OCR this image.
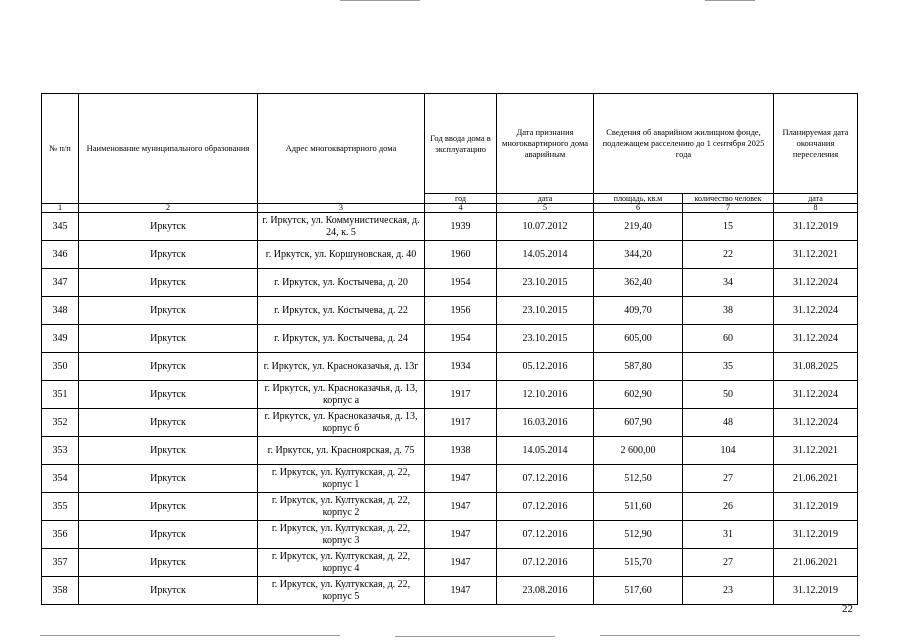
№ п/п	Наименование муниципального образования	Адрес многоквартирного дома	Год ввода дома в эксплуатацию	Дата признания многоквартирного дома аварийным	Сведения об аварийном жилищном фонде, подлежащем расселению до 1 сентября 2025 года		Планируемая дата окончания переселения
			год	дата	площадь, кв.м	количество человек	дата
1	2	3	4	5	6	7	8
345	Иркутск	г. Иркутск, ул. Коммунистическая, д. 24, к. 5	1939	10.07.2012	219,40	15	31.12.2019
346	Иркутск	г. Иркутск, ул. Коршуновская, д. 40	1960	14.05.2014	344,20	22	31.12.2021
347	Иркутск	г. Иркутск, ул. Костычева, д. 20	1954	23.10.2015	362,40	34	31.12.2024
348	Иркутск	г. Иркутск, ул. Костычева, д. 22	1956	23.10.2015	409,70	38	31.12.2024
349	Иркутск	г. Иркутск, ул. Костычева, д. 24	1954	23.10.2015	605,00	60	31.12.2024
350	Иркутск	г. Иркутск, ул. Красноказачья, д. 13г	1934	05.12.2016	587,80	35	31.08.2025
351	Иркутск	г. Иркутск, ул. Красноказачья, д. 13, корпус а	1917	12.10.2016	602,90	50	31.12.2024
352	Иркутск	г. Иркутск, ул. Красноказачья, д. 13, корпус б	1917	16.03.2016	607,90	48	31.12.2024
353	Иркутск	г. Иркутск, ул. Красноярская, д. 75	1938	14.05.2014	2 600,00	104	31.12.2021
354	Иркутск	г. Иркутск, ул. Култукская, д. 22, корпус 1	1947	07.12.2016	512,50	27	21.06.2021
355	Иркутск	г. Иркутск, ул. Култукская, д. 22, корпус 2	1947	07.12.2016	511,60	26	31.12.2019
356	Иркутск	г. Иркутск, ул. Култукская, д. 22, корпус 3	1947	07.12.2016	512,90	31	31.12.2019
357	Иркутск	г. Иркутск, ул. Култукская, д. 22, корпус 4	1947	07.12.2016	515,70	27	21.06.2021
358	Иркутск	г. Иркутск, ул. Култукская, д. 22, корпус 5	1947	23.08.2016	517,60	23	31.12.2019
22
